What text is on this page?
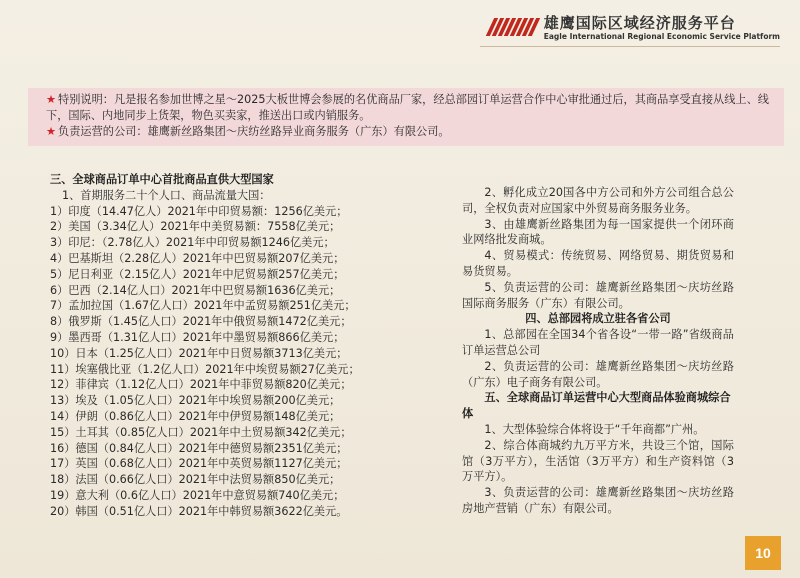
雄鹰国际区域经济服务平台
Eagle International Regional Economic Service Platform

★ 特别说明：凡是报名参加世博之星～2025大板世博会参展的名优商品厂家，经总部园订单运营合作中心审批通过后，其商品享受直接从线上、线下，国际、内地同步上货架，物色买卖家，推送出口或内销服务。

★ 负责运营的公司：雄鹰新丝路集团～庆纺丝路异业商务服务（广东）有限公司。

三、全球商品订单中心首批商品直供大型国家
1、首期服务二十个人口、商品流量大国：
1）印度（14.47亿人）2021年中印贸易额：1256亿美元；
2）美国（3.34亿人）2021年中美贸易额：7558亿美元；
3）印尼：（2.78亿人）2021年中印贸易额1246亿美元；
4）巴基斯坦（2.28亿人）2021年中巴贸易额207亿美元；
5）尼日利亚（2.15亿人）2021年中尼贸易额257亿美元；
6）巴西（2.14亿人口）2021年中巴贸易额1636亿美元；
7）孟加拉国（1.67亿人口）2021年中孟贸易额251亿美元；
8）俄罗斯（1.45亿人口）2021年中俄贸易额1472亿美元；
9）墨西哥（1.31亿人口）2021年中墨贸易额866亿美元；
10）日本（1.25亿人口）2021年中日贸易额3713亿美元；
11）埃塞俄比亚（1.2亿人口）2021年中埃贸易额27亿美元；
12）菲律宾（1.12亿人口）2021年中菲贸易额820亿美元；
13）埃及（1.05亿人口）2021年中埃贸易额200亿美元；
14）伊朗（0.86亿人口）2021年中伊贸易额148亿美元；
15）土耳其（0.85亿人口）2021年中土贸易额342亿美元；
16）德国（0.84亿人口）2021年中德贸易额2351亿美元；
17）英国（0.68亿人口）2021年中英贸易额1127亿美元；
18）法国（0.66亿人口）2021年中法贸易额850亿美元；
19）意大利（0.6亿人口）2021年中意贸易额740亿美元；
20）韩国（0.51亿人口）2021年中韩贸易额3622亿美元。

2、孵化成立20国各中方公司和外方公司组合总公司，全权负责对应国家中外贸易商务服务业务。

3、由雄鹰新丝路集团为每一国家提供一个闭环商业网络批发商城。

4、贸易模式：传统贸易、网络贸易、期货贸易和易货贸易。

5、负责运营的公司：雄鹰新丝路集团～庆坊丝路国际商务服务（广东）有限公司。

四、总部园将成立驻各省公司

1、总部园在全国34个省各设“一带一路”省级商品订单运营总公司

2、负责运营的公司：雄鹰新丝路集团～庆坊丝路（广东）电子商务有限公司。

五、全球商品订单运营中心大型商品体验商城综合体

1、大型体验综合体将设于“千年商都”广州。

2、综合体商城约九万平方米，共设三个馆，国际馆（3万平方），生活馆（3万平方）和生产资料馆（3万平方）。

3、负责运营的公司：雄鹰新丝路集团～庆坊丝路房地产营销（广东）有限公司。

10
